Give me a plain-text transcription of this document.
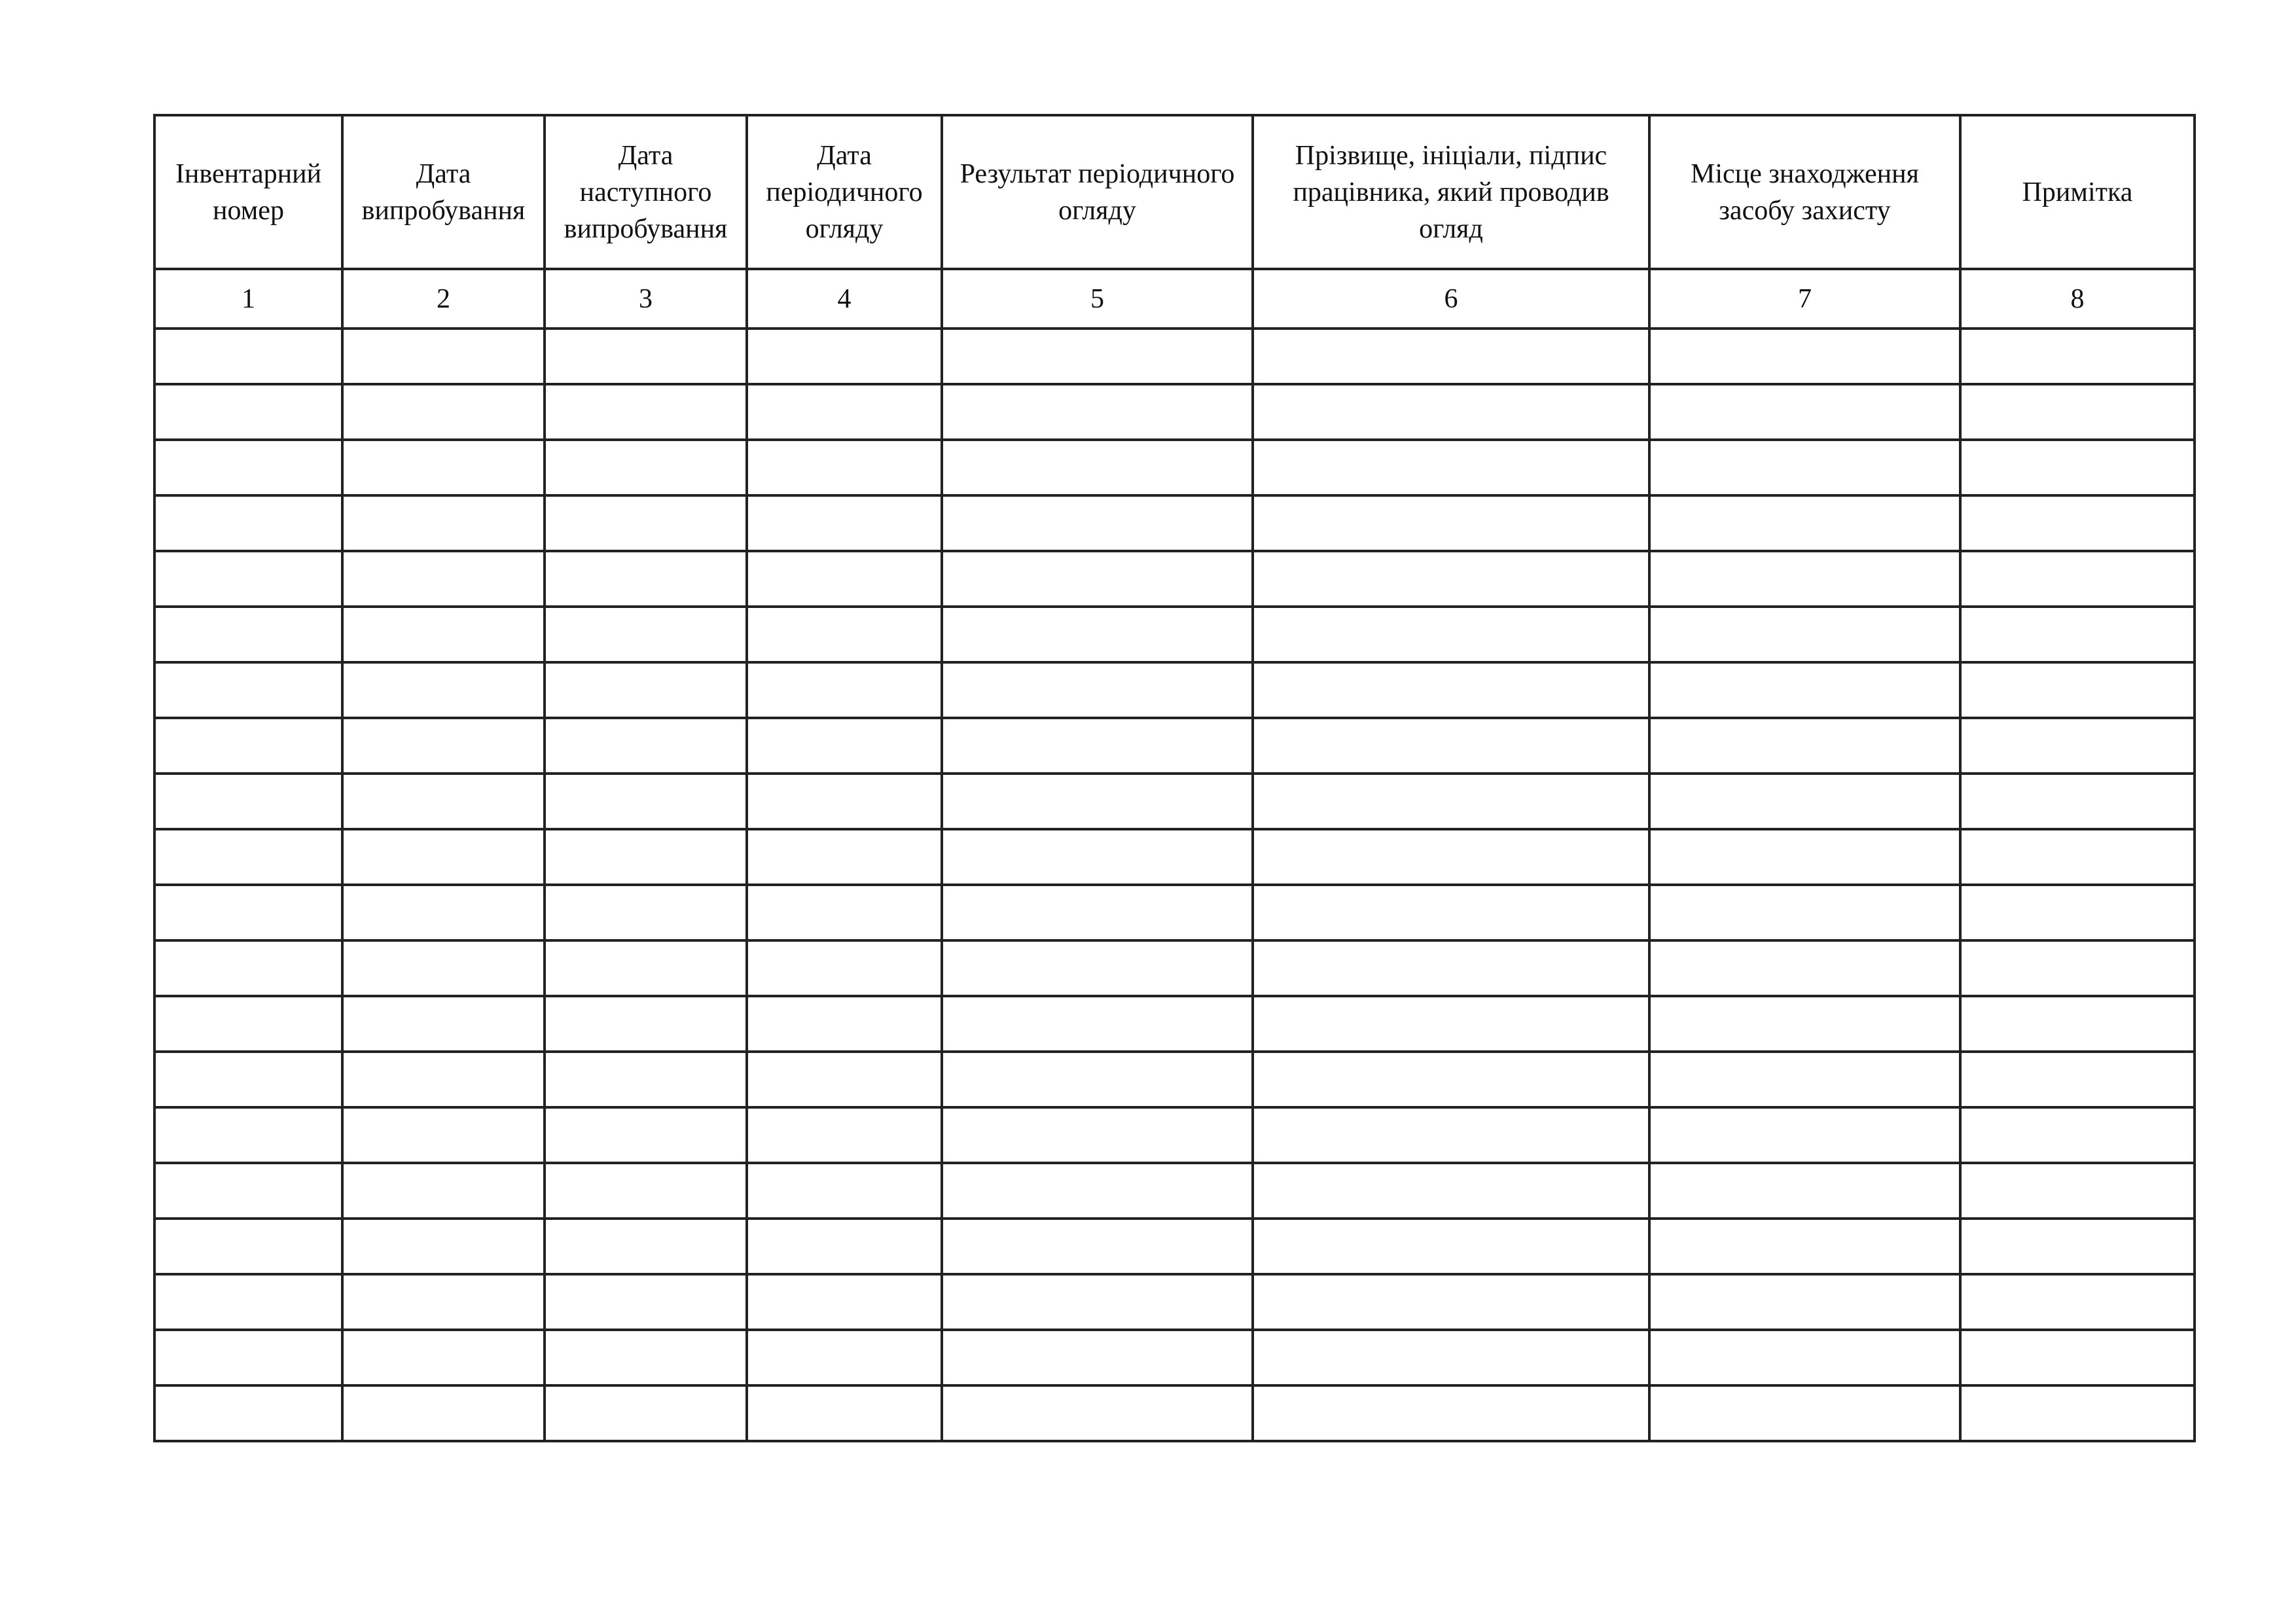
Інвентарний номер	Дата випробування	Дата наступного випробування	Дата періодичного огляду	Результат періодичного огляду	Прізвище, ініціали, підпис працівника, який проводив огляд	Місце знаходження засобу захисту	Примітка
1	2	3	4	5	6	7	8
